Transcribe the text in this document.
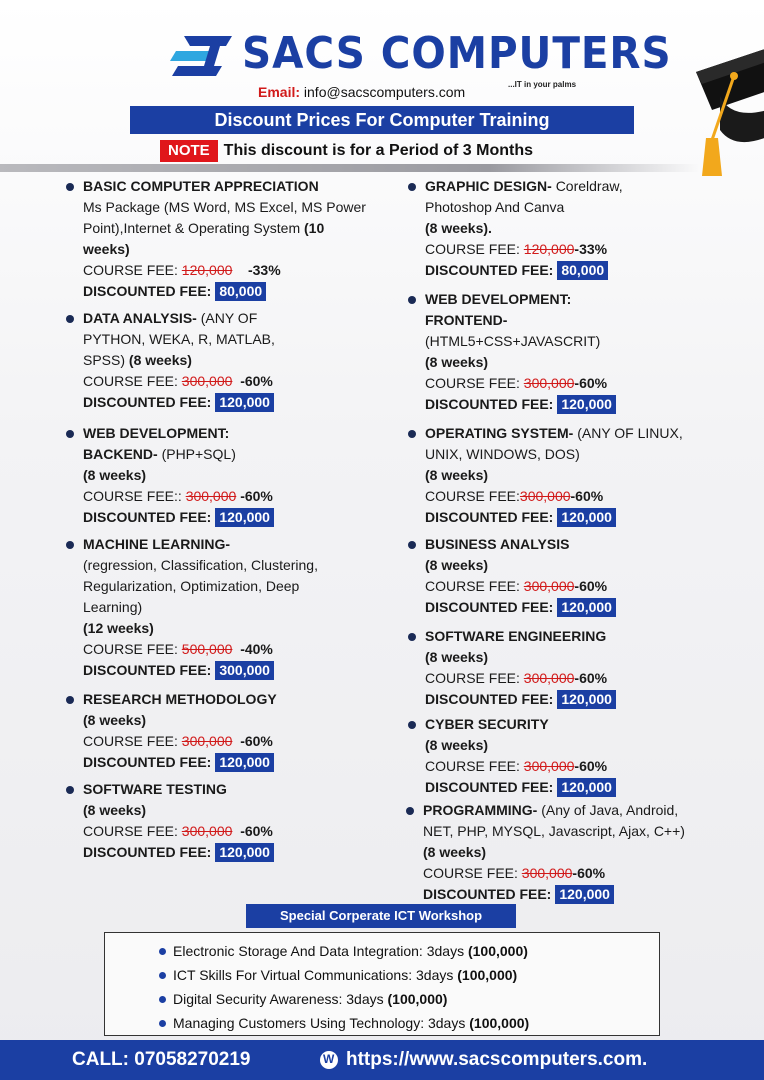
SACS COMPUTERS
...IT in your palms
Email: info@sacscomputers.com
Discount Prices For Computer Training
NOTE This discount is for a Period of 3 Months
BASIC COMPUTER APPRECIATION
Ms Package (MS Word, MS Excel, MS Power Point),Internet & Operating System (10 weeks)
COURSE FEE: 120,000 -33%
DISCOUNTED FEE: 80,000
DATA ANALYSIS- (ANY OF PYTHON, WEKA, R, MATLAB, SPSS) (8 weeks)
COURSE FEE: 300,000 -60%
DISCOUNTED FEE: 120,000
WEB DEVELOPMENT: BACKEND- (PHP+SQL)
(8 weeks)
COURSE FEE:: 300,000 -60%
DISCOUNTED FEE: 120,000
MACHINE LEARNING-
(regression, Classification, Clustering, Regularization, Optimization, Deep Learning)
(12 weeks)
COURSE FEE: 500,000 -40%
DISCOUNTED FEE: 300,000
RESEARCH METHODOLOGY
(8 weeks)
COURSE FEE: 300,000 -60%
DISCOUNTED FEE: 120,000
SOFTWARE TESTING
(8 weeks)
COURSE FEE: 300,000 -60%
DISCOUNTED FEE: 120,000
GRAPHIC DESIGN- Coreldraw, Photoshop And Canva
(8 weeks).
COURSE FEE: 120,000-33%
DISCOUNTED FEE: 80,000
WEB DEVELOPMENT: FRONTEND-
(HTML5+CSS+JAVASCRIT)
(8 weeks)
COURSE FEE: 300,000-60%
DISCOUNTED FEE: 120,000
OPERATING SYSTEM- (ANY OF LINUX, UNIX, WINDOWS, DOS)
(8 weeks)
COURSE FEE:300,000-60%
DISCOUNTED FEE: 120,000
BUSINESS ANALYSIS
(8 weeks)
COURSE FEE: 300,000-60%
DISCOUNTED FEE: 120,000
SOFTWARE ENGINEERING
(8 weeks)
COURSE FEE: 300,000-60%
DISCOUNTED FEE: 120,000
CYBER SECURITY
(8 weeks)
COURSE FEE: 300,000-60%
DISCOUNTED FEE: 120,000
PROGRAMMING- (Any of Java, Android, NET, PHP, MYSQL, Javascript, Ajax, C++) (8 weeks)
COURSE FEE: 300,000-60%
DISCOUNTED FEE: 120,000
Special Corperate ICT Workshop
Electronic Storage And Data Integration: 3days (100,000)
ICT Skills For Virtual Communications: 3days (100,000)
Digital Security Awareness: 3days (100,000)
Managing Customers Using Technology: 3days (100,000)
CALL: 07058270219
W	https://www.sacscomputers.com.
